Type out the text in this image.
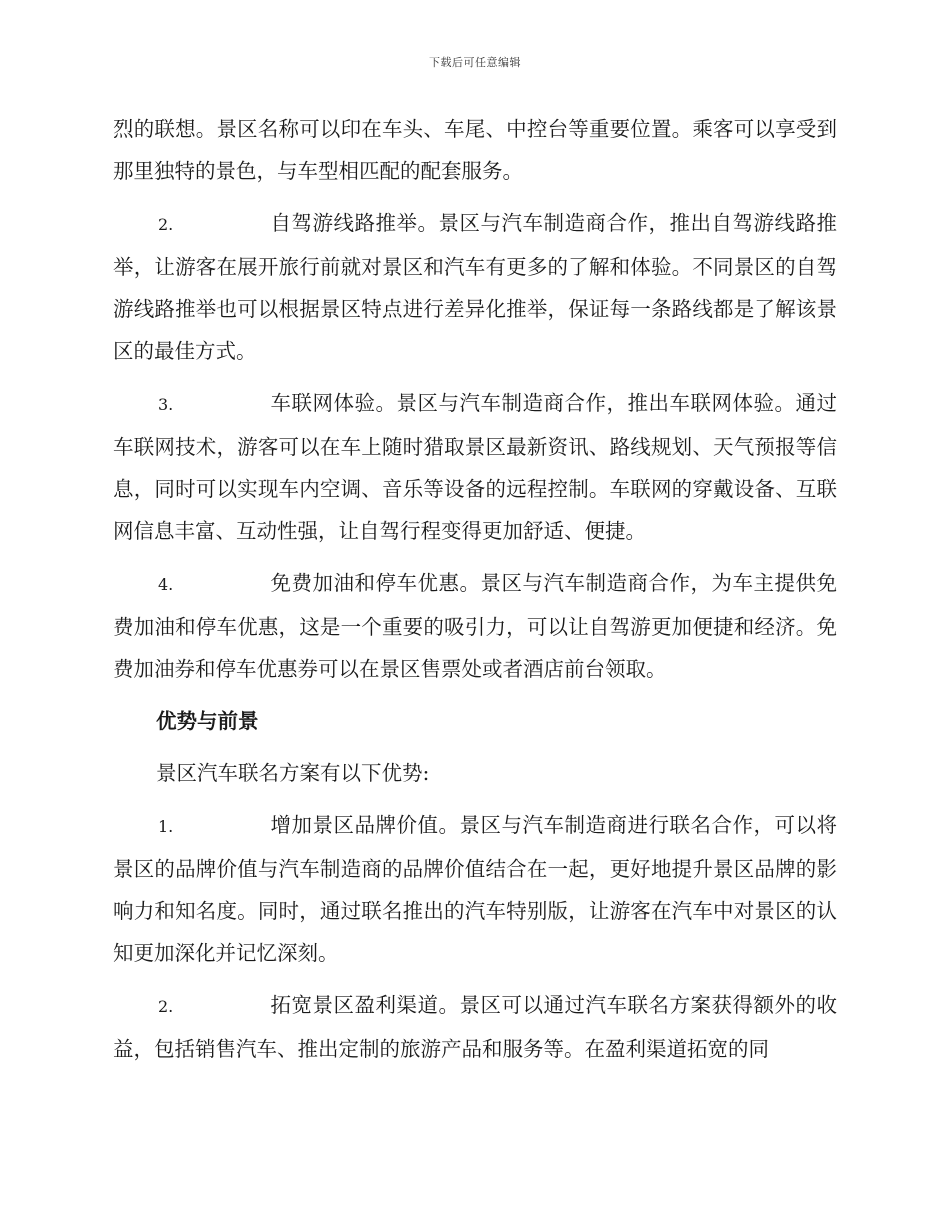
下载后可任意编辑

烈的联想。景区名称可以印在车头、车尾、中控台等重要位置。乘客可以享受到那里独特的景色，与车型相匹配的配套服务。

2.	自驾游线路推举。景区与汽车制造商合作，推出自驾游线路推举，让游客在展开旅行前就对景区和汽车有更多的了解和体验。不同景区的自驾游线路推举也可以根据景区特点进行差异化推举，保证每一条路线都是了解该景区的最佳方式。

3.	车联网体验。景区与汽车制造商合作，推出车联网体验。通过车联网技术，游客可以在车上随时猎取景区最新资讯、路线规划、天气预报等信息，同时可以实现车内空调、音乐等设备的远程控制。车联网的穿戴设备、互联网信息丰富、互动性强，让自驾行程变得更加舒适、便捷。

4.	免费加油和停车优惠。景区与汽车制造商合作，为车主提供免费加油和停车优惠，这是一个重要的吸引力，可以让自驾游更加便捷和经济。免费加油券和停车优惠券可以在景区售票处或者酒店前台领取。

优势与前景

景区汽车联名方案有以下优势:

1.	增加景区品牌价值。景区与汽车制造商进行联名合作，可以将景区的品牌价值与汽车制造商的品牌价值结合在一起，更好地提升景区品牌的影响力和知名度。同时，通过联名推出的汽车特别版，让游客在汽车中对景区的认知更加深化并记忆深刻。

2.	拓宽景区盈利渠道。景区可以通过汽车联名方案获得额外的收益，包括销售汽车、推出定制的旅游产品和服务等。在盈利渠道拓宽的同
